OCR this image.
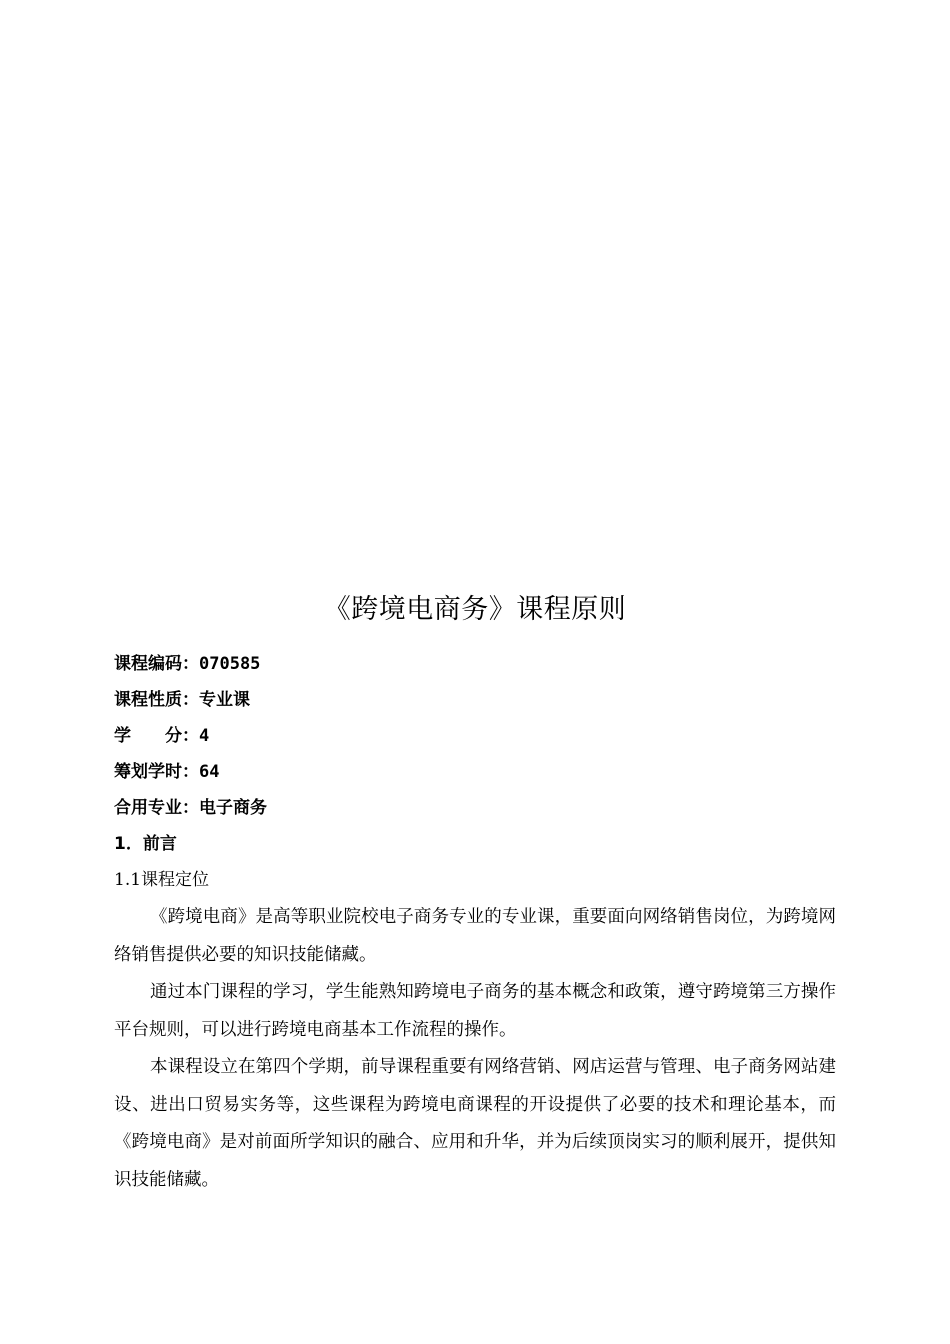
《跨境电商务》课程原则
课程编码：070585
课程性质：专业课
学　　分：4
筹划学时：64
合用专业：电子商务
1．前言
1.1课程定位

《跨境电商》是高等职业院校电子商务专业的专业课，重要面向网络销售岗位，为跨境网络销售提供必要的知识技能储藏。

通过本门课程的学习，学生能熟知跨境电子商务的基本概念和政策，遵守跨境第三方操作平台规则，可以进行跨境电商基本工作流程的操作。

本课程设立在第四个学期，前导课程重要有网络营销、网店运营与管理、电子商务网站建设、进出口贸易实务等，这些课程为跨境电商课程的开设提供了必要的技术和理论基本，而《跨境电商》是对前面所学知识的融合、应用和升华，并为后续顶岗实习的顺利展开，提供知识技能储藏。
